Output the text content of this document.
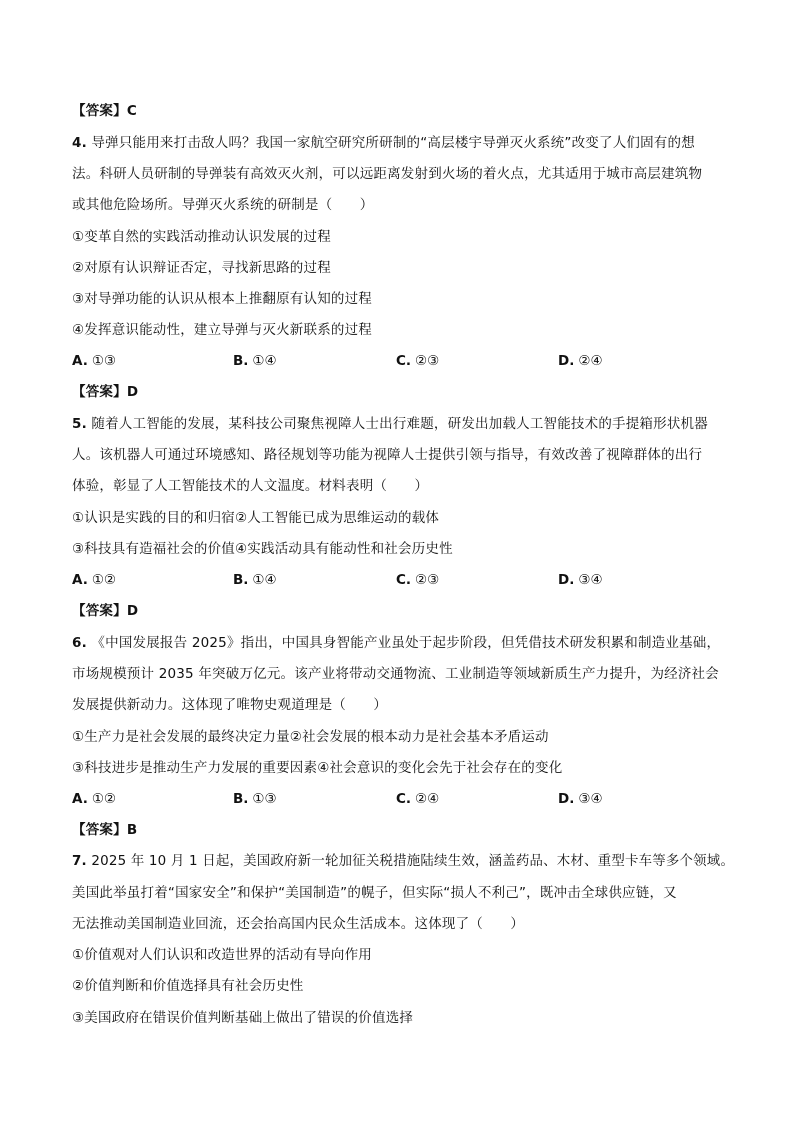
【答案】C
4. 导弹只能用来打击敌人吗？我国一家航空研究所研制的“高层楼宇导弹灭火系统”改变了人们固有的想
法。科研人员研制的导弹装有高效灭火剂，可以远距离发射到火场的着火点，尤其适用于城市高层建筑物
或其他危险场所。导弹灭火系统的研制是（　　）
①变革自然的实践活动推动认识发展的过程
②对原有认识辩证否定，寻找新思路的过程
③对导弹功能的认识从根本上推翻原有认知的过程
④发挥意识能动性，建立导弹与灭火新联系的过程
A. ①③	B. ①④	C. ②③	D. ②④
【答案】D
5. 随着人工智能的发展，某科技公司聚焦视障人士出行难题，研发出加载人工智能技术的手提箱形状机器
人。该机器人可通过环境感知、路径规划等功能为视障人士提供引领与指导，有效改善了视障群体的出行
体验，彰显了人工智能技术的人文温度。材料表明（　　）
①认识是实践的目的和归宿②人工智能已成为思维运动的载体
③科技具有造福社会的价值④实践活动具有能动性和社会历史性
A. ①②	B. ①④	C. ②③	D. ③④
【答案】D
6. 《中国发展报告 2025》指出，中国具身智能产业虽处于起步阶段，但凭借技术研发积累和制造业基础，
市场规模预计 2035 年突破万亿元。该产业将带动交通物流、工业制造等领域新质生产力提升，为经济社会
发展提供新动力。这体现了唯物史观道理是（　　）
①生产力是社会发展的最终决定力量②社会发展的根本动力是社会基本矛盾运动
③科技进步是推动生产力发展的重要因素④社会意识的变化会先于社会存在的变化
A. ①②	B. ①③	C. ②④	D. ③④
【答案】B
7. 2025 年 10 月 1 日起，美国政府新一轮加征关税措施陆续生效，涵盖药品、木材、重型卡车等多个领域。
美国此举虽打着“国家安全”和保护“美国制造”的幌子，但实际“损人不利己”，既冲击全球供应链，又
无法推动美国制造业回流，还会抬高国内民众生活成本。这体现了（　　）
①价值观对人们认识和改造世界的活动有导向作用
②价值判断和价值选择具有社会历史性
③美国政府在错误价值判断基础上做出了错误的价值选择
